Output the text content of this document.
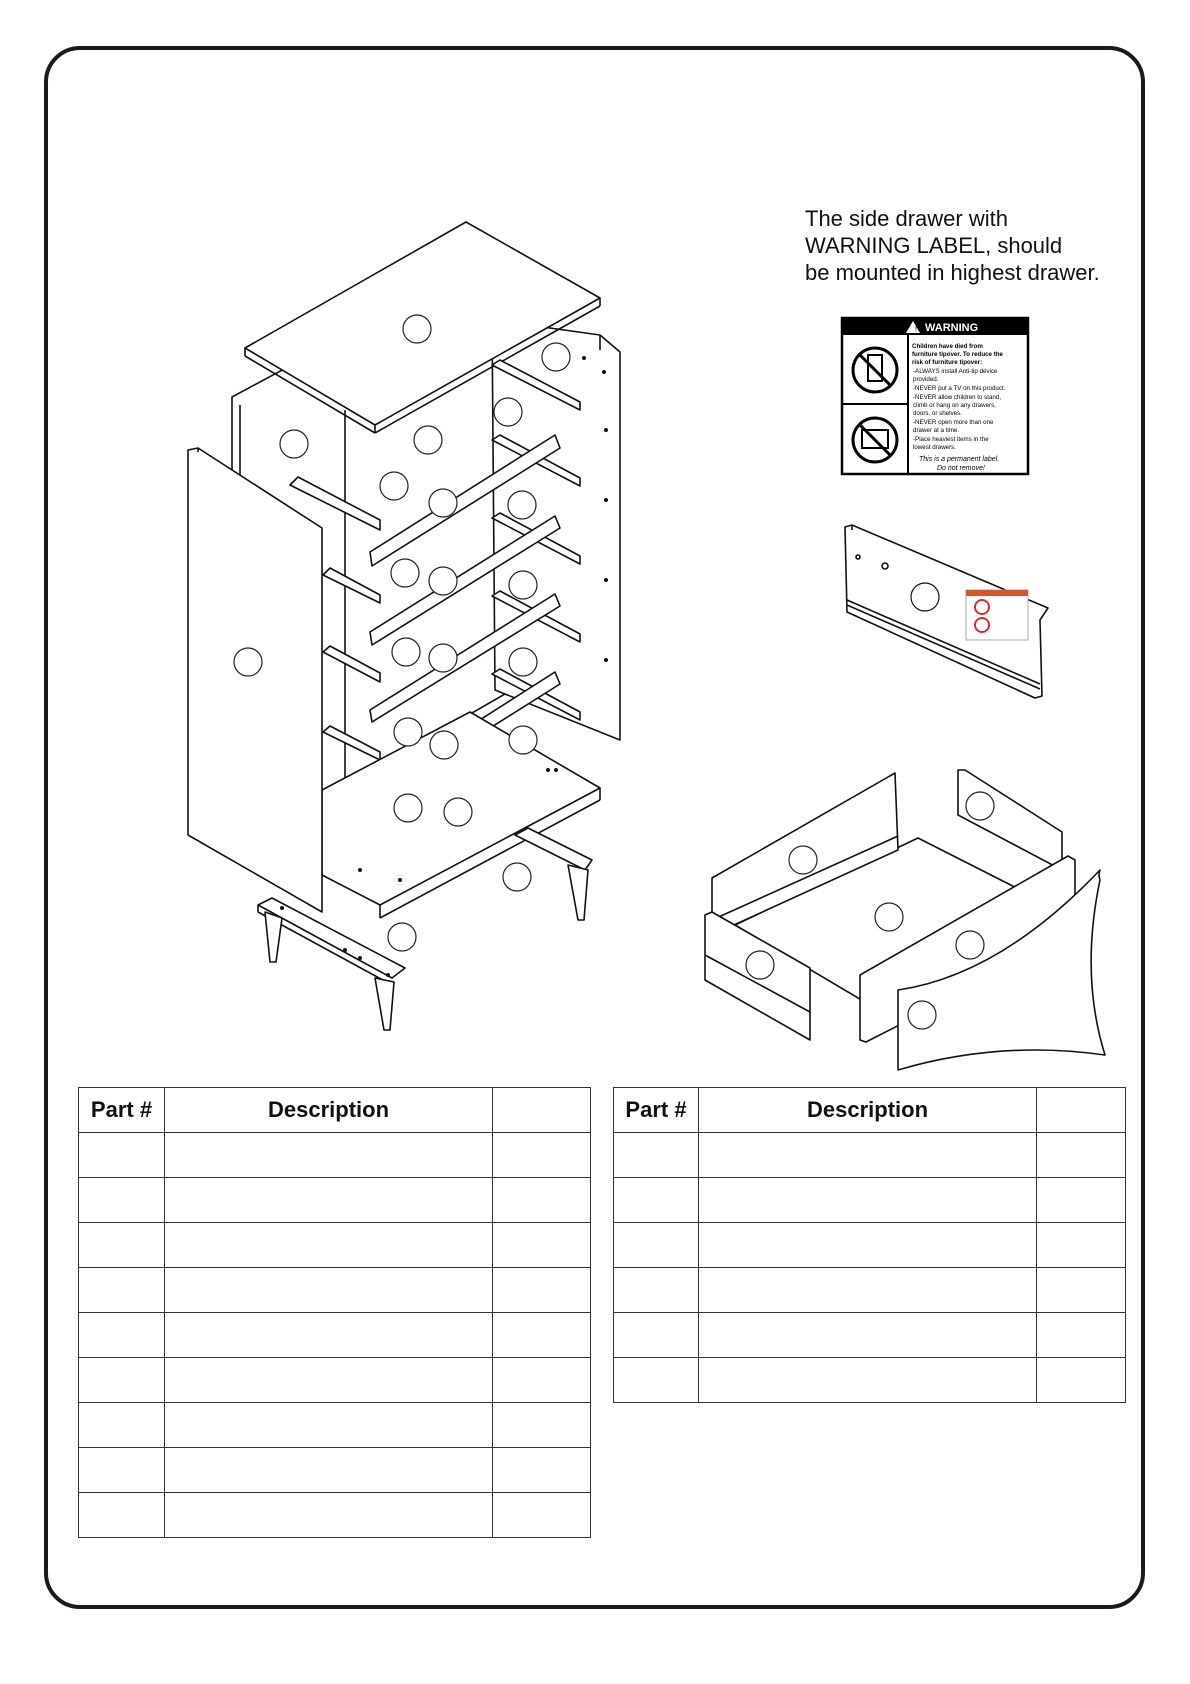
The side drawer with
WARNING LABEL, should
be mounted in highest drawer.
! WARNING
Children have died from
furniture tipover. To reduce the
risk of furniture tipover:
-ALWAYS install Anti-tip device
provided.
-NEVER put a TV on this product.
-NEVER allow children to stand,
climb or hang on any drawers,
doors, or shelves.
-NEVER open more than one
drawer at a time.
-Place heaviest items in the
lowest drawers.
This is a permanent label.
Do not remove!
Part #	Description	

			Part #	Description	
